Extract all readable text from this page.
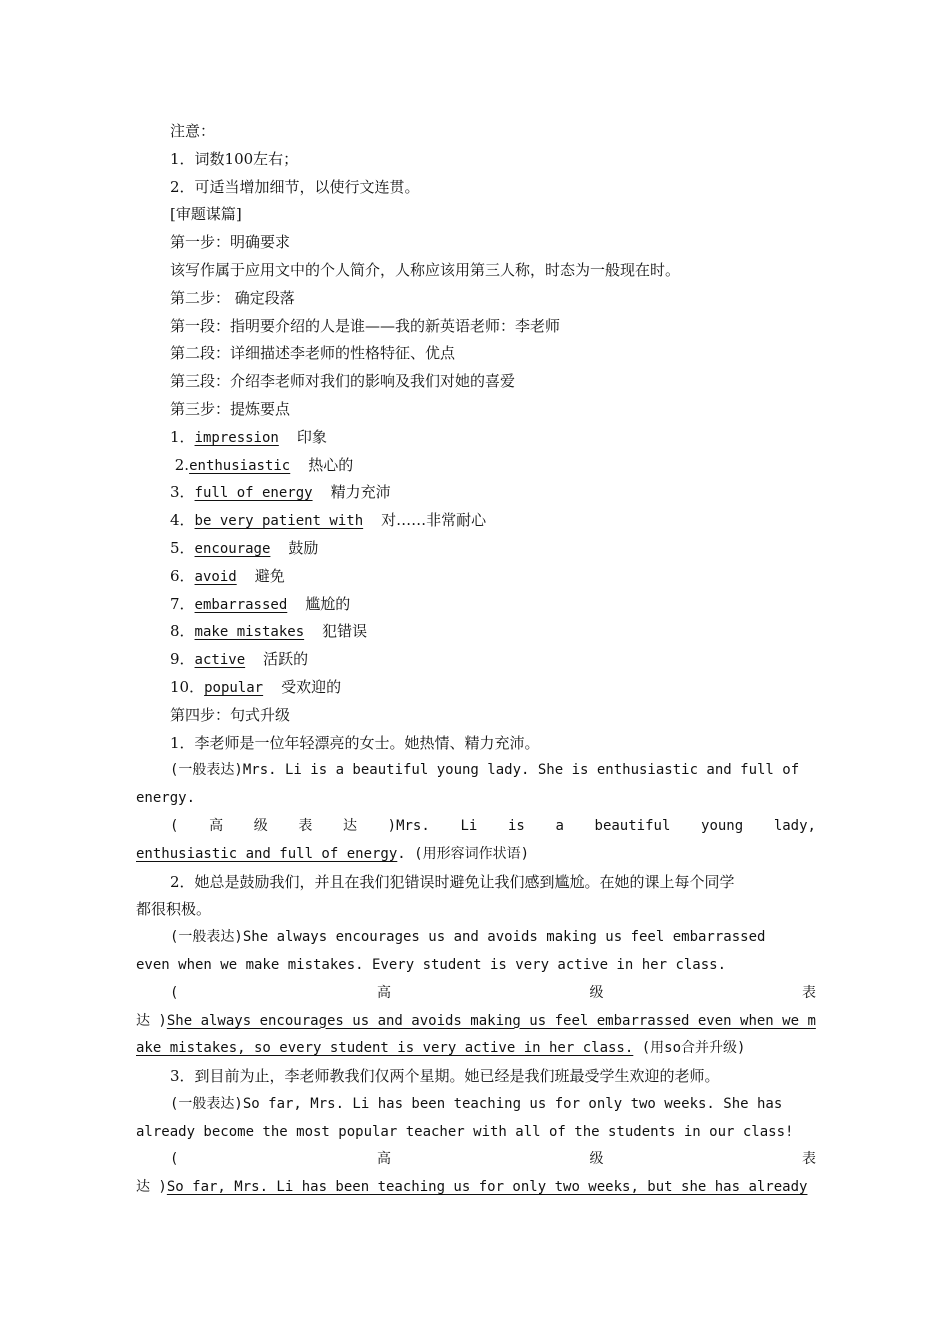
注意：
1．词数100左右；
2．可适当增加细节，以使行文连贯。
[审题谋篇]
第一步：明确要求
该写作属于应用文中的个人简介，人称应该用第三人称，时态为一般现在时。
第二步： 确定段落
第一段：指明要介绍的人是谁——我的新英语老师：李老师
第二段：详细描述李老师的性格特征、优点
第三段：介绍李老师对我们的影响及我们对她的喜爱
第三步：提炼要点
1．impression 印象
2.enthusiastic 热心的
3．full of energy 精力充沛
4．be very patient with 对……非常耐心
5．encourage 鼓励
6．avoid 避免
7．embarrassed 尴尬的
8．make mistakes 犯错误
9．active 活跃的
10．popular 受欢迎的
第四步：句式升级
1．李老师是一位年轻漂亮的女士。她热情、精力充沛。
(一般表达)Mrs. Li is a beautiful young lady. She is enthusiastic and full of
energy.
( 高 级 表 达 )Mrs. Li is a beautiful young lady,
enthusiastic and full of energy. (用形容词作状语)
2．她总是鼓励我们，并且在我们犯错误时避免让我们感到尴尬。在她的课上每个同学
都很积极。
(一般表达)She always encourages us and avoids making us feel embarrassed
even when we make mistakes. Every student is very active in her class.
(	高	级	表
达 )She always encourages us and avoids making us feel embarrassed even when we m
ake mistakes, so every student is very active in her class. (用so合并升级)
3．到目前为止，李老师教我们仅两个星期。她已经是我们班最受学生欢迎的老师。
(一般表达)So far, Mrs. Li has been teaching us for only two weeks. She has
already become the most popular teacher with all of the students in our class!
(	高	级	表
达 )So far, Mrs. Li has been teaching us for only two weeks, but she has already
